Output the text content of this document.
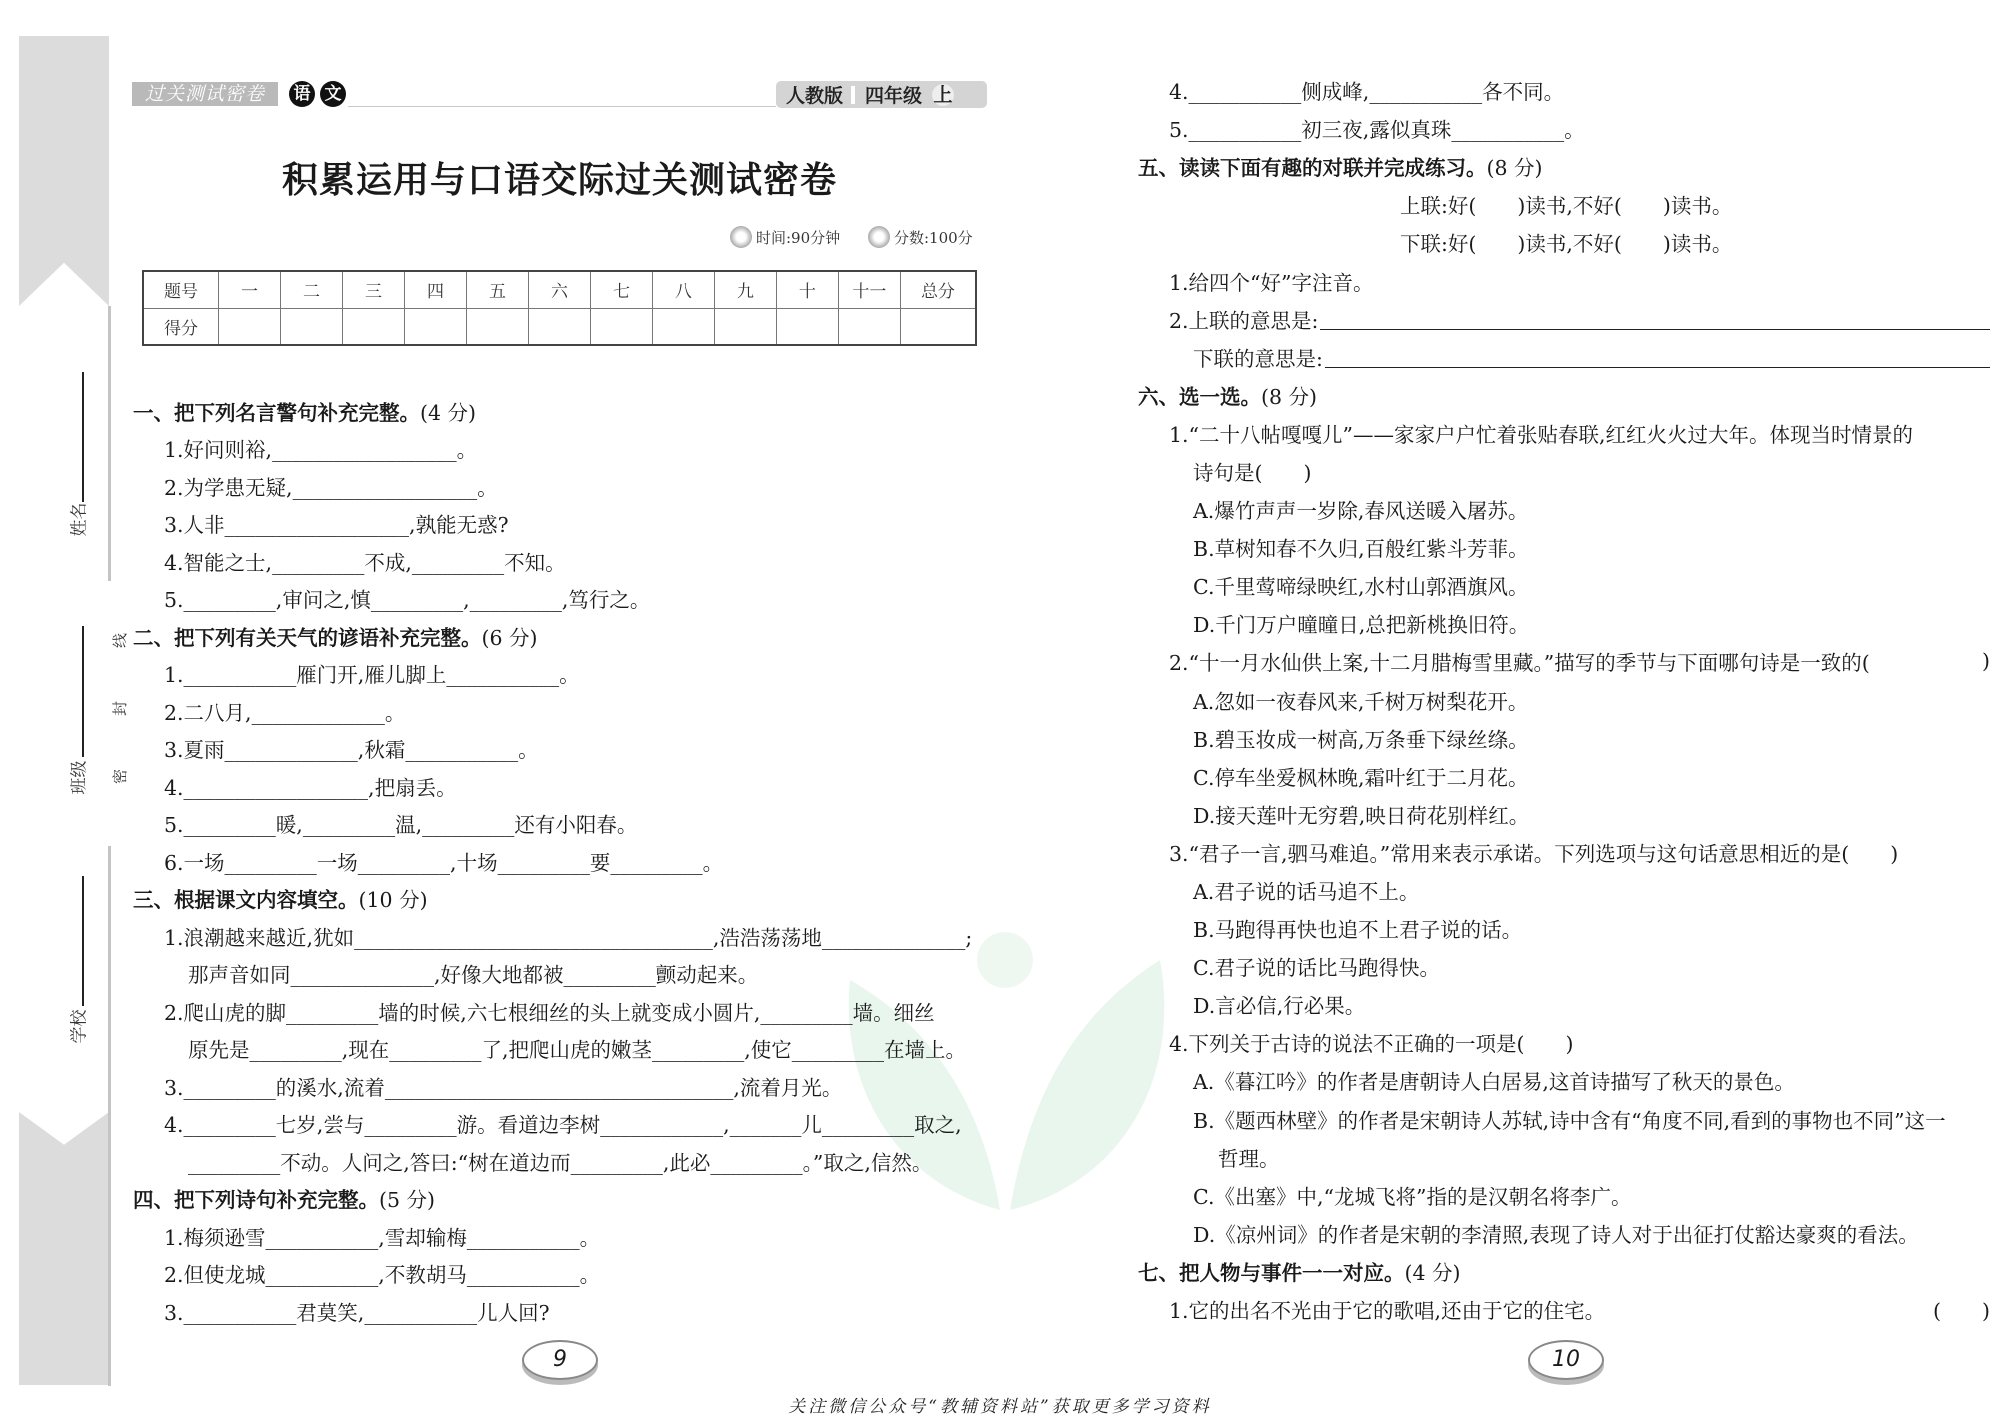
姓名
班级
学校
线
封
密
过关测试密卷	语 文	人教版 四年级 上
积累运用与口语交际过关测试密卷
时间:90分钟	分数:100分
题号	一	二	三	四	五	六	七	八	九	十	十一	总分
得分												
一、把下列名言警句补充完整。 (4 分)
1.好问则裕,__________________。
2.为学患无疑,__________________。
3.人非__________________,孰能无惑?
4.智能之士,_________不成,_________不知。
5._________,审问之,慎_________,_________,笃行之。
二、把下列有关天气的谚语补充完整。 (6 分)
1.___________雁门开,雁儿脚上___________。
2.二八月,_____________。
3.夏雨_____________,秋霜___________。
4.__________________,把扇丢。
5._________暖,_________温,_________还有小阳春。
6.一场_________一场_________,十场_________要_________。
三、根据课文内容填空。 (10 分)
1.浪潮越来越近,犹如___________________________________,浩浩荡荡地______________;
那声音如同______________,好像大地都被_________颤动起来。
2.爬山虎的脚_________墙的时候,六七根细丝的头上就变成小圆片,_________墙。细丝
原先是_________,现在_________了,把爬山虎的嫩茎_________,使它_________在墙上。
3._________的溪水,流着__________________________________,流着月光。
4._________七岁,尝与_________游。看道边李树____________,_______儿_________取之,
_________不动。人问之,答曰:“树在道边而_________,此必_________。”取之,信然。
四、把下列诗句补充完整。 (5 分)
1.梅须逊雪___________,雪却输梅___________。
2.但使龙城___________,不教胡马___________。
3.___________君莫笑,___________儿人回?
4.___________侧成峰,___________各不同。
5.___________初三夜,露似真珠___________。
五、读读下面有趣的对联并完成练习。 (8 分)
上联:好(　　)读书,不好(　　)读书。
下联:好(　　)读书,不好(　　)读书。
1.给四个“好”字注音。
2.上联的意思是:
下联的意思是:
六、选一选。 (8 分)
1.“二十八帖嘎嘎儿”——家家户户忙着张贴春联,红红火火过大年。体现当时情景的
诗句是(　　)
A.爆竹声声一岁除,春风送暖入屠苏。
B.草树知春不久归,百般红紫斗芳菲。
C.千里莺啼绿映红,水村山郭酒旗风。
D.千门万户曈曈日,总把新桃换旧符。
2.“十一月水仙供上案,十二月腊梅雪里藏。”描写的季节与下面哪句诗是一致的(	)
A.忽如一夜春风来,千树万树梨花开。
B.碧玉妆成一树高,万条垂下绿丝绦。
C.停车坐爱枫林晚,霜叶红于二月花。
D.接天莲叶无穷碧,映日荷花别样红。
3.“君子一言,驷马难追。”常用来表示承诺。下列选项与这句话意思相近的是(　　)
A.君子说的话马追不上。
B.马跑得再快也追不上君子说的话。
C.君子说的话比马跑得快。
D.言必信,行必果。
4.下列关于古诗的说法不正确的一项是(　　)
A.《暮江吟》的作者是唐朝诗人白居易,这首诗描写了秋天的景色。
B.《题西林壁》的作者是宋朝诗人苏轼,诗中含有“角度不同,看到的事物也不同”这一
哲理。
C.《出塞》中,“龙城飞将”指的是汉朝名将李广。
D.《凉州词》的作者是宋朝的李清照,表现了诗人对于出征打仗豁达豪爽的看法。
七、把人物与事件一一对应。 (4 分)
1.它的出名不光由于它的歌唱,还由于它的住宅。	(　　)
9	10
关注微信公众号“教辅资料站”获取更多学习资料
